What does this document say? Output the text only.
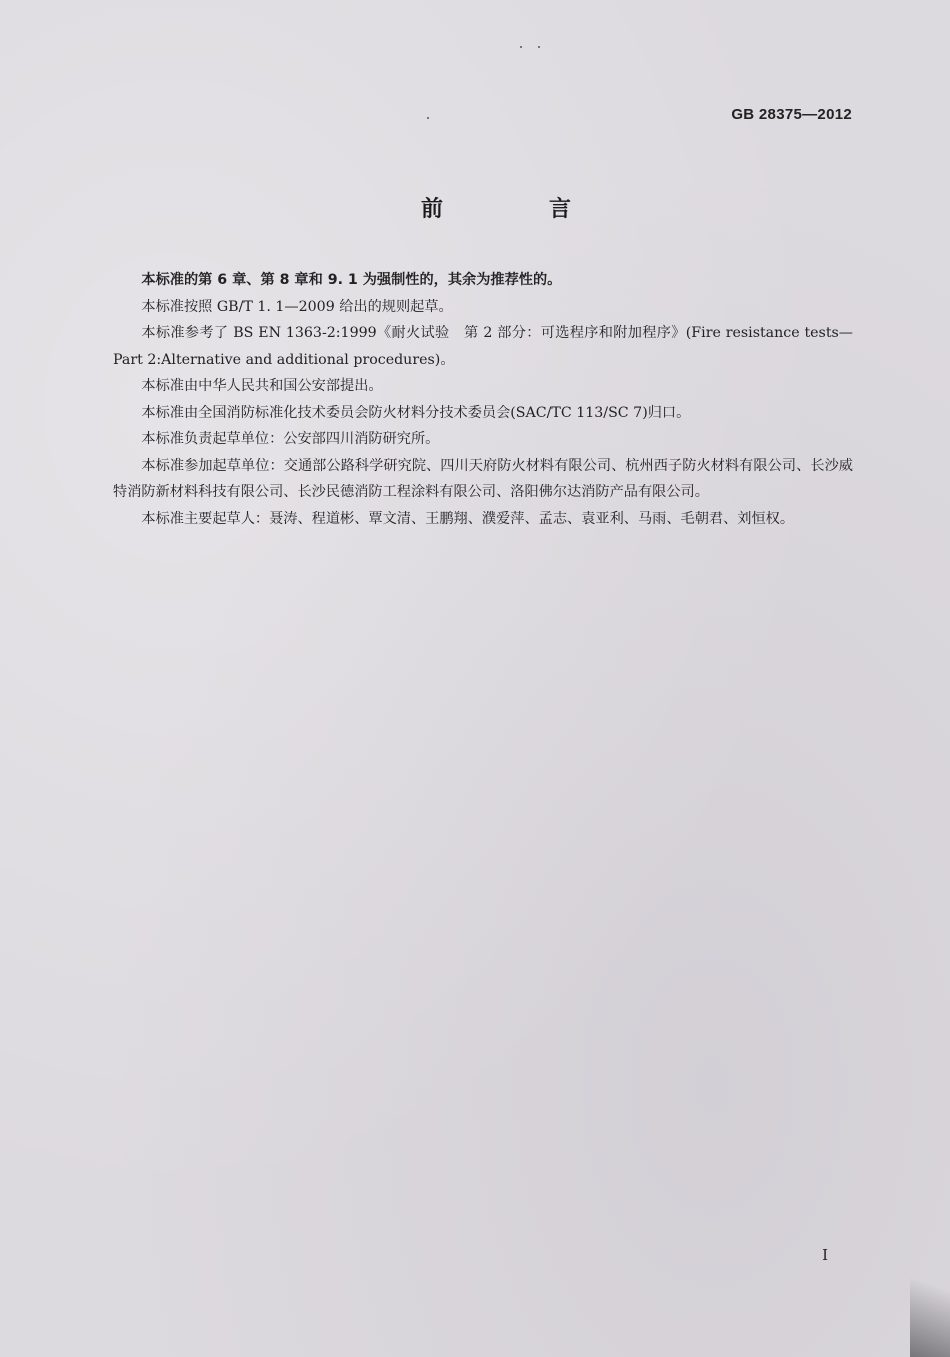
GB 28375—2012
前　言

本标准的第 6 章、第 8 章和 9. 1 为强制性的，其余为推荐性的。

本标准按照 GB/T 1. 1—2009 给出的规则起草。

本标准参考了 BS EN 1363-2:1999《耐火试验　第 2 部分：可选程序和附加程序》(Fire resistance tests—Part 2:Alternative and additional procedures)。

本标准由中华人民共和国公安部提出。

本标准由全国消防标准化技术委员会防火材料分技术委员会(SAC/TC 113/SC 7)归口。

本标准负责起草单位：公安部四川消防研究所。

本标准参加起草单位：交通部公路科学研究院、四川天府防火材料有限公司、杭州西子防火材料有限公司、长沙威特消防新材料科技有限公司、长沙民德消防工程涂料有限公司、洛阳佛尔达消防产品有限公司。

本标准主要起草人：聂涛、程道彬、覃文清、王鹏翔、濮爱萍、孟志、袁亚利、马雨、毛朝君、刘恒权。

I
